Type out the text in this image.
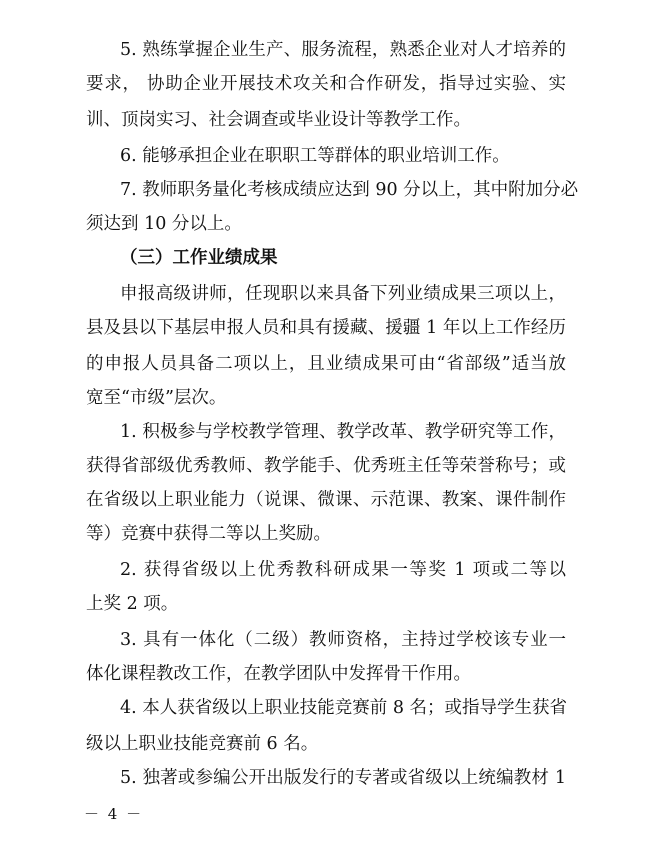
5. 熟练掌握企业生产、服务流程，熟悉企业对人才培养的
要求， 协助企业开展技术攻关和合作研发，指导过实验、实
训、顶岗实习、社会调查或毕业设计等教学工作。
6. 能够承担企业在职职工等群体的职业培训工作。
7. 教师职务量化考核成绩应达到 90 分以上，其中附加分必
须达到 10 分以上。
（三）工作业绩成果
申报高级讲师，任现职以来具备下列业绩成果三项以上，
县及县以下基层申报人员和具有援藏、援疆 1 年以上工作经历
的申报人员具备二项以上，且业绩成果可由“省部级”适当放
宽至“市级”层次。
1. 积极参与学校教学管理、教学改革、教学研究等工作，
获得省部级优秀教师、教学能手、优秀班主任等荣誉称号；或
在省级以上职业能力（说课、微课、示范课、教案、课件制作
等）竞赛中获得二等以上奖励。
2. 获得省级以上优秀教科研成果一等奖 1 项或二等以
上奖 2 项。
3. 具有一体化（二级）教师资格，主持过学校该专业一
体化课程教改工作，在教学团队中发挥骨干作用。
4. 本人获省级以上职业技能竞赛前 8 名；或指导学生获省
级以上职业技能竞赛前 6 名。
5. 独著或参编公开出版发行的专著或省级以上统编教材 1
－ 4 －
